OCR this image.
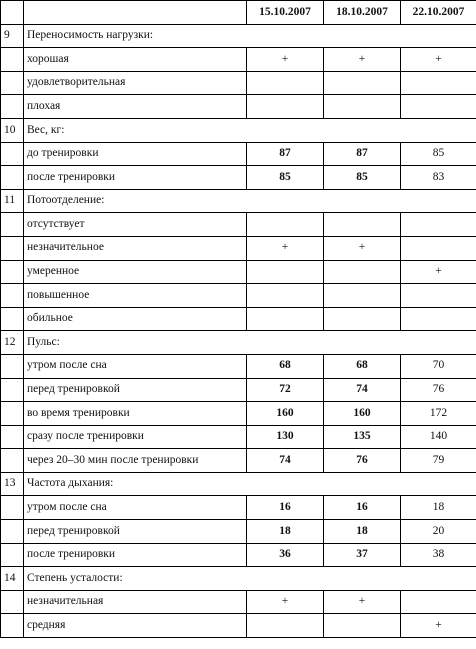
		15.10.2007	18.10.2007	22.10.2007
9	Переносимость нагрузки:			
	хорошая	+	+	+
	удовлетворительная			
	плохая			
10	Вес, кг:			
	до тренировки	87	87	85
	после тренировки	85	85	83
11	Потоотделение:			
	отсутствует			
	незначительное	+	+	
	умеренное			+
	повышенное			
	обильное			
12	Пульс:			
	утром после сна	68	68	70
	перед тренировкой	72	74	76
	во время тренировки	160	160	172
	сразу после тренировки	130	135	140
	через 20–30 мин после тренировки	74	76	79
13	Частота дыхания:			
	утром после сна	16	16	18
	перед тренировкой	18	18	20
	после тренировки	36	37	38
14	Степень усталости:			
	незначительная	+	+	
	средняя			+
